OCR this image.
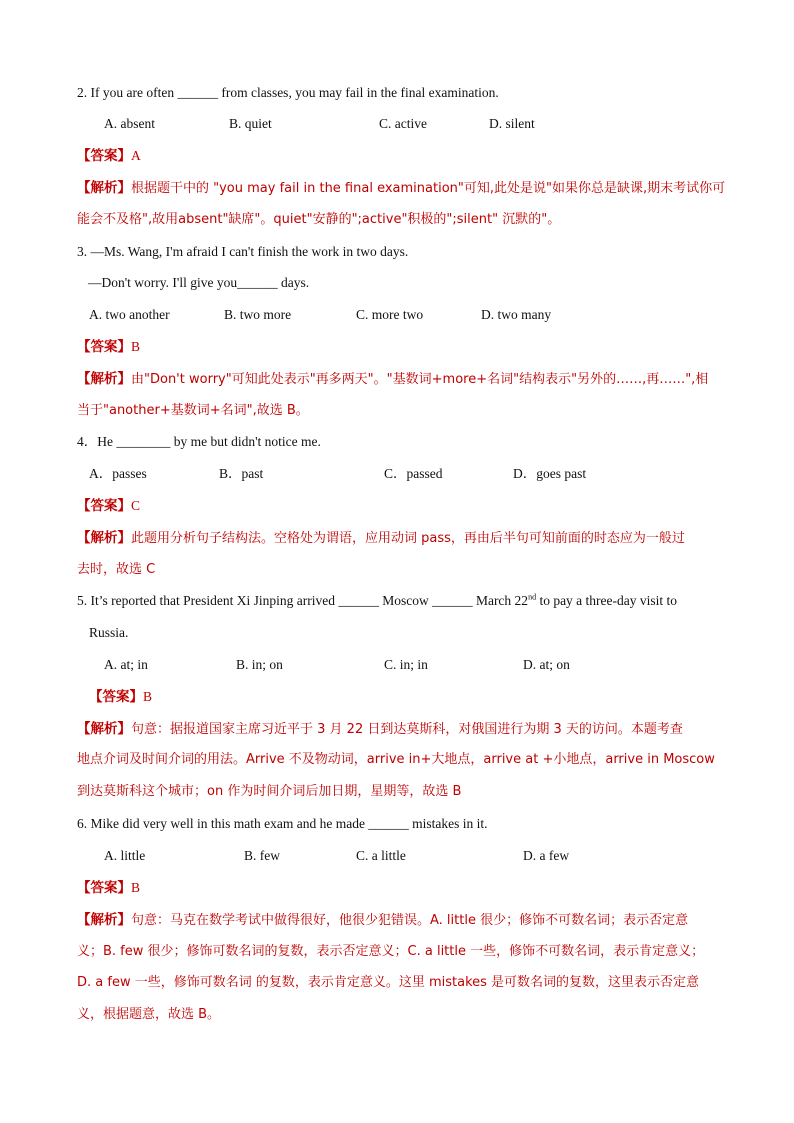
2. If you are often ______ from classes, you may fail in the final examination.
A. absent	B. quiet	C. active	D. silent
【答案】A
【解析】根据题干中的 "you may fail in the final examination"可知,此处是说"如果你总是缺课,期末考试你可
能会不及格",故用absent"缺席"。quiet"安静的";active"积极的";silent" 沉默的"。
3. —Ms. Wang, I'm afraid I can't finish the work in two days.
—Don't worry. I'll give you______ days.
A. two another	B. two more	C. more two	D. two many
【答案】B
【解析】由"Don't worry"可知此处表示"再多两天"。"基数词+more+名词"结构表示"另外的……,再……",相
当于"another+基数词+名词",故选 B。
4．He ________ by me but didn't notice me.
A．passes	B．past	C．passed	D．goes past
【答案】C
【解析】此题用分析句子结构法。空格处为谓语，应用动词 pass，再由后半句可知前面的时态应为一般过
去时，故选 C
5. It’s reported that President Xi Jinping arrived ______ Moscow ______ March 22nd to pay a three-day visit to
Russia.
A. at; in	B. in; on	C. in; in	D. at; on
【答案】B
【解析】句意：据报道国家主席习近平于 3 月 22 日到达莫斯科，对俄国进行为期 3 天的访问。本题考查
地点介词及时间介词的用法。Arrive 不及物动词，arrive in+大地点，arrive at +小地点，arrive in Moscow
到达莫斯科这个城市；on 作为时间介词后加日期，星期等，故选 B
6. Mike did very well in this math exam and he made ______ mistakes in it.
A. little	B. few	C. a little	D. a few
【答案】B
【解析】句意：马克在数学考试中做得很好，他很少犯错误。A. little 很少；修饰不可数名词；表示否定意
义；B. few 很少；修饰可数名词的复数，表示否定意义；C. a little 一些，修饰不可数名词，表示肯定意义；
D. a few 一些，修饰可数名词 的复数，表示肯定意义。这里 mistakes 是可数名词的复数，这里表示否定意
义，根据题意，故选 B。
